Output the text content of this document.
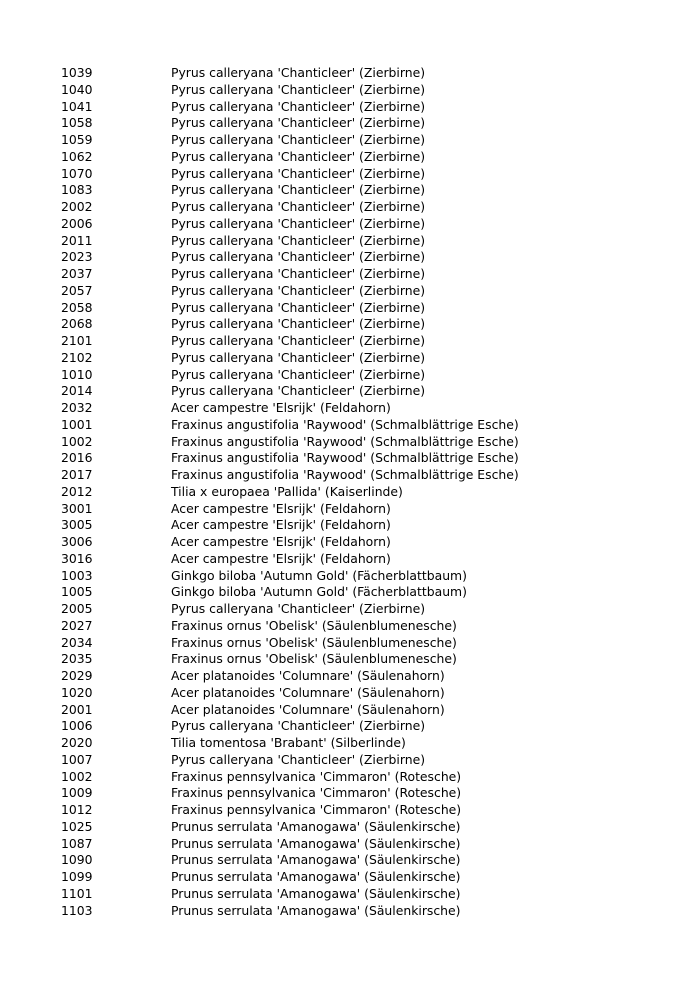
1039	Pyrus calleryana 'Chanticleer' (Zierbirne)
1040	Pyrus calleryana 'Chanticleer' (Zierbirne)
1041	Pyrus calleryana 'Chanticleer' (Zierbirne)
1058	Pyrus calleryana 'Chanticleer' (Zierbirne)
1059	Pyrus calleryana 'Chanticleer' (Zierbirne)
1062	Pyrus calleryana 'Chanticleer' (Zierbirne)
1070	Pyrus calleryana 'Chanticleer' (Zierbirne)
1083	Pyrus calleryana 'Chanticleer' (Zierbirne)
2002	Pyrus calleryana 'Chanticleer' (Zierbirne)
2006	Pyrus calleryana 'Chanticleer' (Zierbirne)
2011	Pyrus calleryana 'Chanticleer' (Zierbirne)
2023	Pyrus calleryana 'Chanticleer' (Zierbirne)
2037	Pyrus calleryana 'Chanticleer' (Zierbirne)
2057	Pyrus calleryana 'Chanticleer' (Zierbirne)
2058	Pyrus calleryana 'Chanticleer' (Zierbirne)
2068	Pyrus calleryana 'Chanticleer' (Zierbirne)
2101	Pyrus calleryana 'Chanticleer' (Zierbirne)
2102	Pyrus calleryana 'Chanticleer' (Zierbirne)
1010	Pyrus calleryana 'Chanticleer' (Zierbirne)
2014	Pyrus calleryana 'Chanticleer' (Zierbirne)
2032	Acer campestre 'Elsrijk' (Feldahorn)
1001	Fraxinus angustifolia 'Raywood' (Schmalblättrige Esche)
1002	Fraxinus angustifolia 'Raywood' (Schmalblättrige Esche)
2016	Fraxinus angustifolia 'Raywood' (Schmalblättrige Esche)
2017	Fraxinus angustifolia 'Raywood' (Schmalblättrige Esche)
2012	Tilia x europaea 'Pallida' (Kaiserlinde)
3001	Acer campestre 'Elsrijk' (Feldahorn)
3005	Acer campestre 'Elsrijk' (Feldahorn)
3006	Acer campestre 'Elsrijk' (Feldahorn)
3016	Acer campestre 'Elsrijk' (Feldahorn)
1003	Ginkgo biloba 'Autumn Gold' (Fächerblattbaum)
1005	Ginkgo biloba 'Autumn Gold' (Fächerblattbaum)
2005	Pyrus calleryana 'Chanticleer' (Zierbirne)
2027	Fraxinus ornus 'Obelisk' (Säulenblumenesche)
2034	Fraxinus ornus 'Obelisk' (Säulenblumenesche)
2035	Fraxinus ornus 'Obelisk' (Säulenblumenesche)
2029	Acer platanoides 'Columnare' (Säulenahorn)
1020	Acer platanoides 'Columnare' (Säulenahorn)
2001	Acer platanoides 'Columnare' (Säulenahorn)
1006	Pyrus calleryana 'Chanticleer' (Zierbirne)
2020	Tilia tomentosa 'Brabant' (Silberlinde)
1007	Pyrus calleryana 'Chanticleer' (Zierbirne)
1002	Fraxinus pennsylvanica 'Cimmaron' (Rotesche)
1009	Fraxinus pennsylvanica 'Cimmaron' (Rotesche)
1012	Fraxinus pennsylvanica 'Cimmaron' (Rotesche)
1025	Prunus serrulata 'Amanogawa' (Säulenkirsche)
1087	Prunus serrulata 'Amanogawa' (Säulenkirsche)
1090	Prunus serrulata 'Amanogawa' (Säulenkirsche)
1099	Prunus serrulata 'Amanogawa' (Säulenkirsche)
1101	Prunus serrulata 'Amanogawa' (Säulenkirsche)
1103	Prunus serrulata 'Amanogawa' (Säulenkirsche)
